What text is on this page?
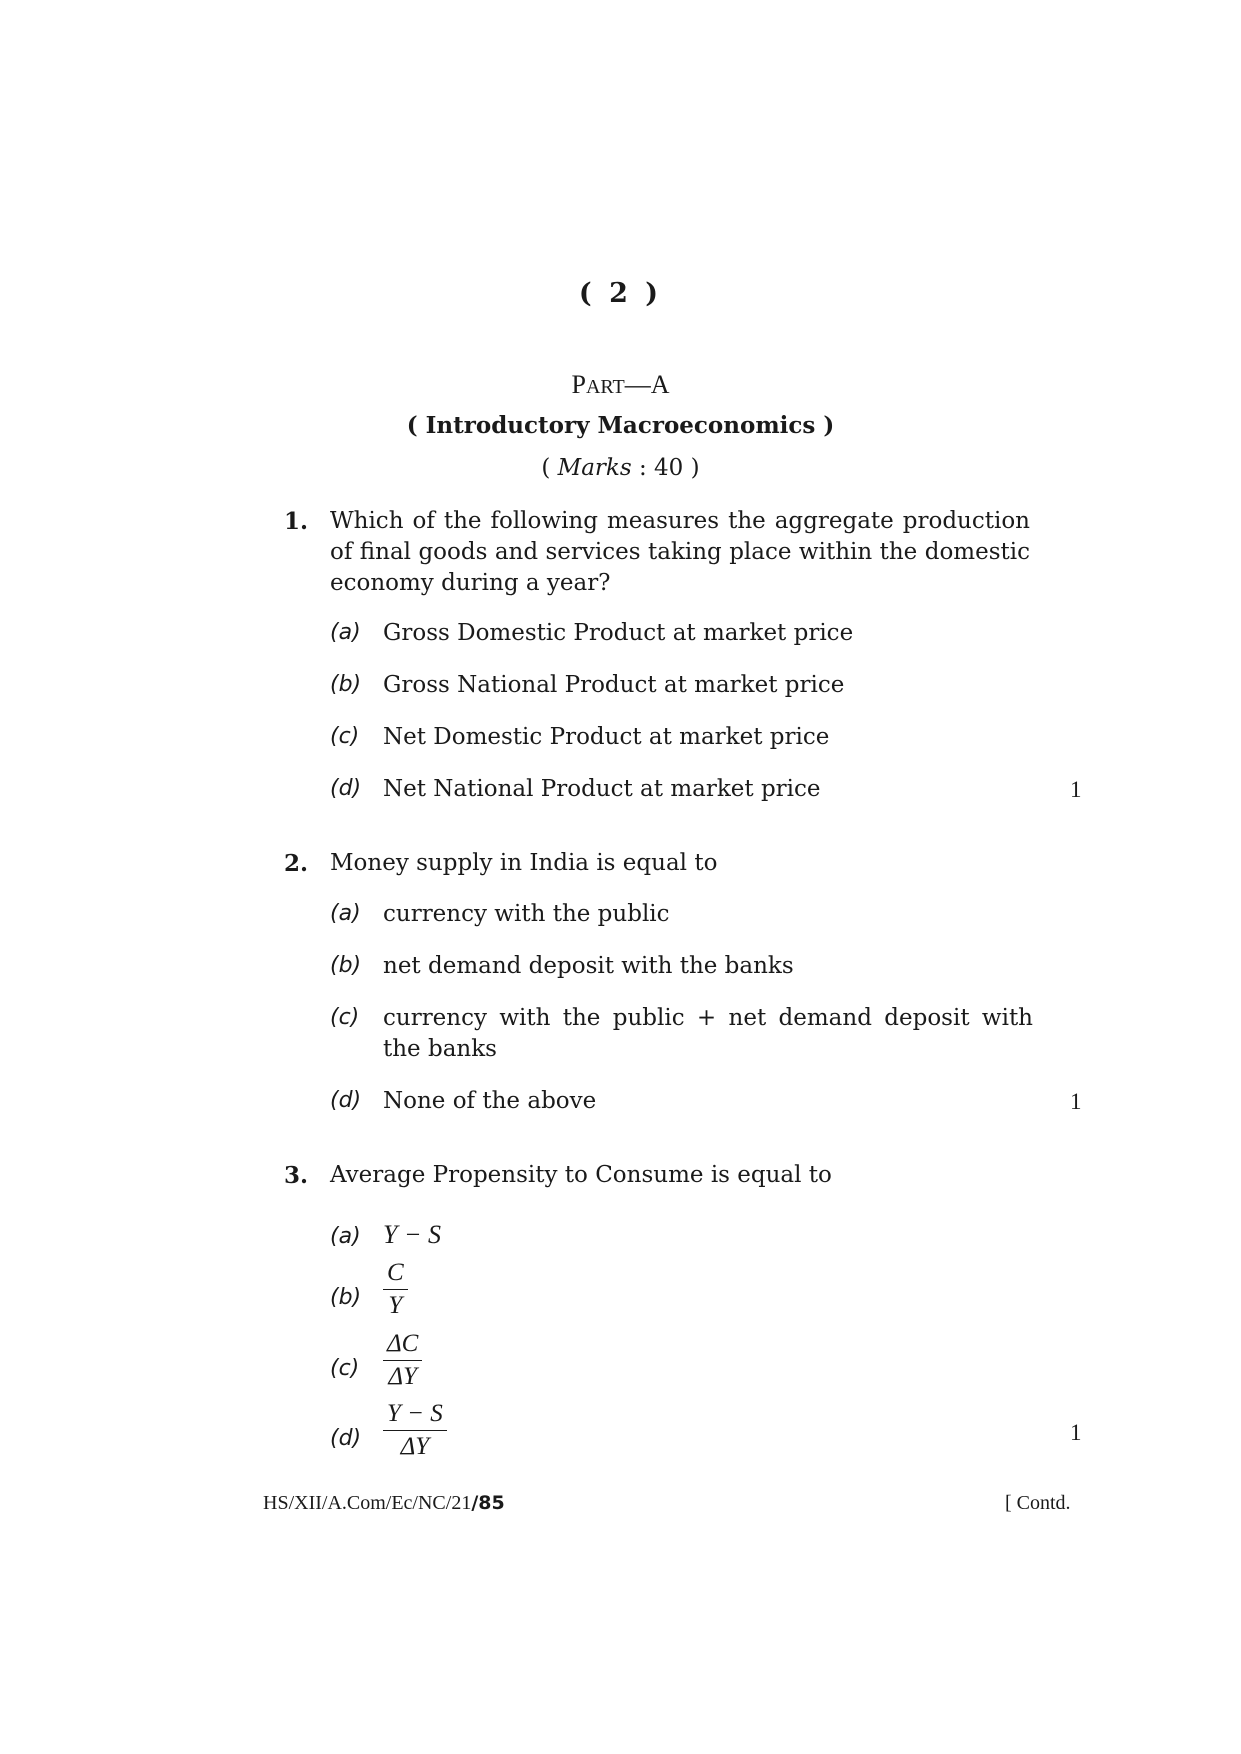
( 2 )
PART—A
( Introductory Macroeconomics )
( Marks : 40 )
1. Which of the following measures the aggregate production of final goods and services taking place within the domestic economy during a year?
(a) Gross Domestic Product at market price
(b) Gross National Product at market price
(c) Net Domestic Product at market price
(d) Net National Product at market price	1
2. Money supply in India is equal to
(a) currency with the public
(b) net demand deposit with the banks
(c) currency with the public + net demand deposit with the banks
(d) None of the above	1
3. Average Propensity to Consume is equal to
(a) Y − S
$(b) \frac{C}{Y}$
$(c) \frac{\Delta C}{\Delta Y}$
$(d) \frac{Y - S}{\Delta Y}$	1
HS/XII/A.Com/Ec/NC/21/85	[ Contd.
